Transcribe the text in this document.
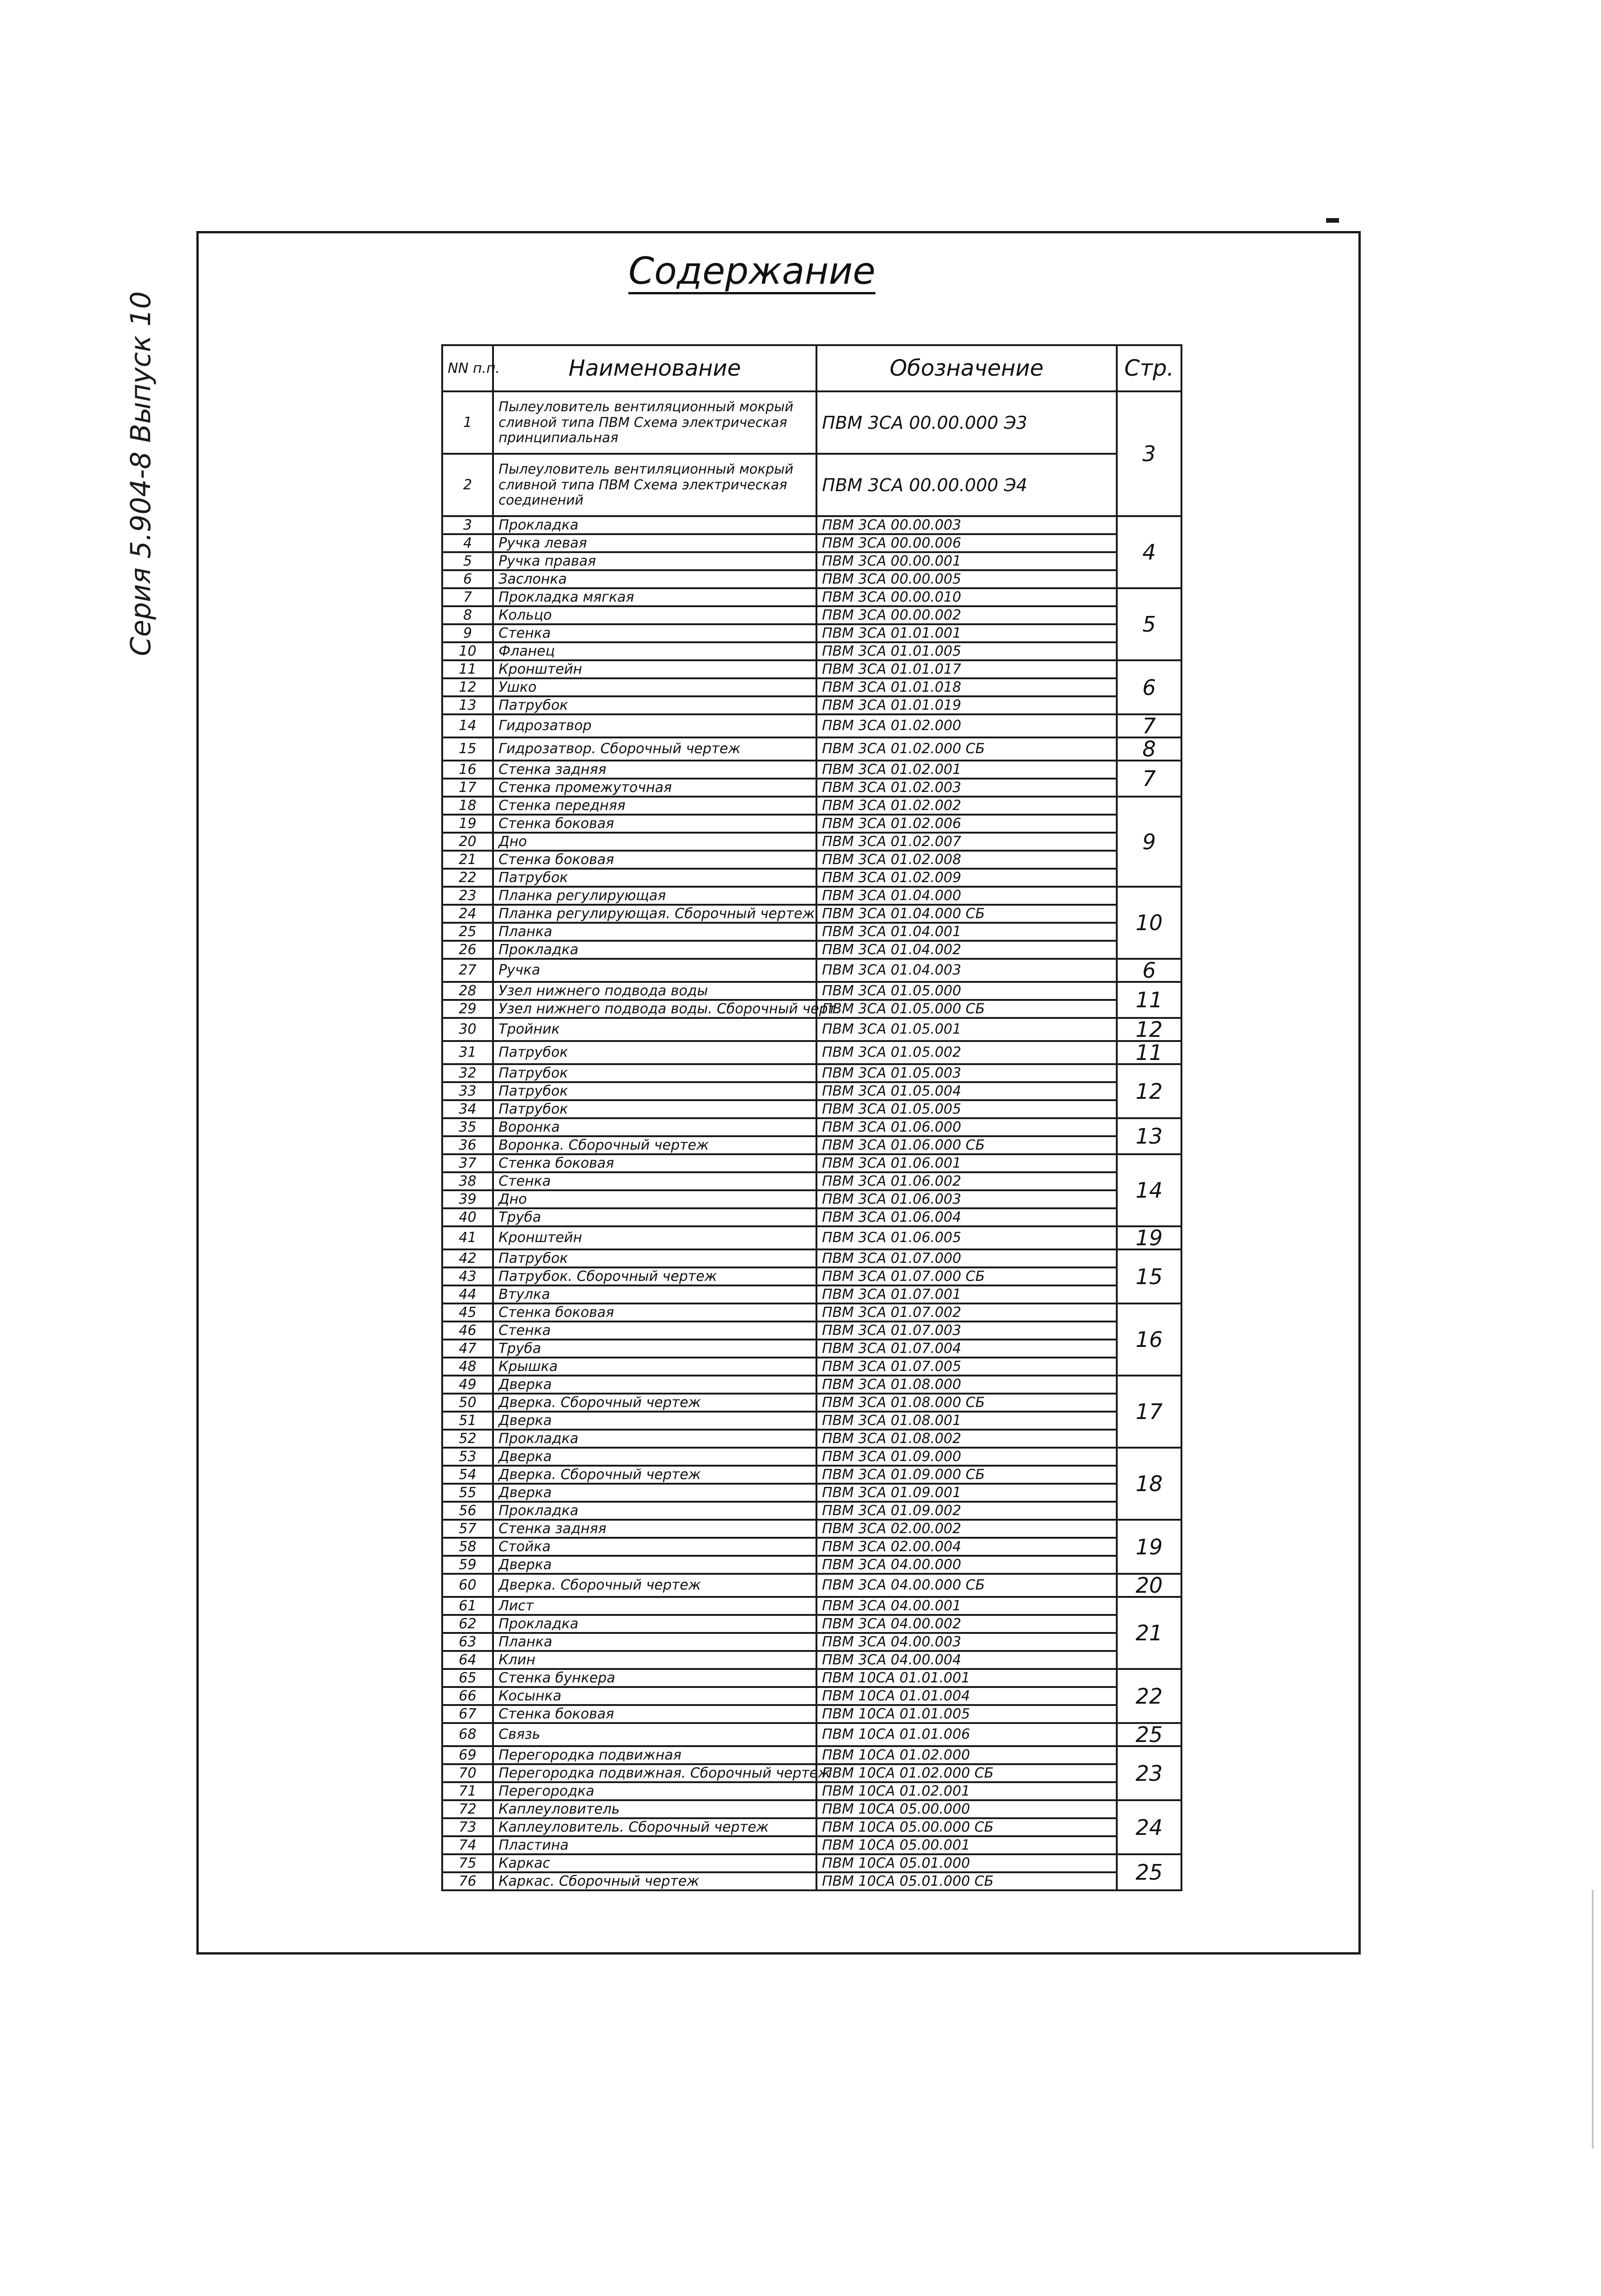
Серия 5.904-8 Выпуск 10
Содержание
NN п.п.	Наименование	Обозначение	Стр.
1	Пылеуловитель вентиляционный мокрый сливной типа ПВМ Схема электрическая принципиальная	ПВМ 3СА 00.00.000 Э3	3
2	Пылеуловитель вентиляционный мокрый сливной типа ПВМ Схема электрическая соединений	ПВМ 3СА 00.00.000 Э4	
3	Прокладка	ПВМ 3СА 00.00.003	4
4	Ручка левая	ПВМ 3СА 00.00.006	
5	Ручка правая	ПВМ 3СА 00.00.001	
6	Заслонка	ПВМ 3СА 00.00.005	
7	Прокладка мягкая	ПВМ 3СА 00.00.010	5
8	Кольцо	ПВМ 3СА 00.00.002	
9	Стенка	ПВМ 3СА 01.01.001	
10	Фланец	ПВМ 3СА 01.01.005	
11	Кронштейн	ПВМ 3СА 01.01.017	6
12	Ушко	ПВМ 3СА 01.01.018	
13	Патрубок	ПВМ 3СА 01.01.019	
14	Гидрозатвор	ПВМ 3СА 01.02.000	7
15	Гидрозатвор. Сборочный чертеж	ПВМ 3СА 01.02.000 СБ	8
16	Стенка задняя	ПВМ 3СА 01.02.001	7
17	Стенка промежуточная	ПВМ 3СА 01.02.003	
18	Стенка передняя	ПВМ 3СА 01.02.002	9
19	Стенка боковая	ПВМ 3СА 01.02.006	
20	Дно	ПВМ 3СА 01.02.007	
21	Стенка боковая	ПВМ 3СА 01.02.008	
22	Патрубок	ПВМ 3СА 01.02.009	
23	Планка регулирующая	ПВМ 3СА 01.04.000	10
24	Планка регулирующая. Сборочный чертеж	ПВМ 3СА 01.04.000 СБ	
25	Планка	ПВМ 3СА 01.04.001	
26	Прокладка	ПВМ 3СА 01.04.002	
27	Ручка	ПВМ 3СА 01.04.003	6
28	Узел нижнего подвода воды	ПВМ 3СА 01.05.000	11
29	Узел нижнего подвода воды. Сборочный черт.	ПВМ 3СА 01.05.000 СБ	
30	Тройник	ПВМ 3СА 01.05.001	12
31	Патрубок	ПВМ 3СА 01.05.002	11
32	Патрубок	ПВМ 3СА 01.05.003	12
33	Патрубок	ПВМ 3СА 01.05.004	
34	Патрубок	ПВМ 3СА 01.05.005	
35	Воронка	ПВМ 3СА 01.06.000	13
36	Воронка. Сборочный чертеж	ПВМ 3СА 01.06.000 СБ	
37	Стенка боковая	ПВМ 3СА 01.06.001	14
38	Стенка	ПВМ 3СА 01.06.002	
39	Дно	ПВМ 3СА 01.06.003	
40	Труба	ПВМ 3СА 01.06.004	
41	Кронштейн	ПВМ 3СА 01.06.005	19
42	Патрубок	ПВМ 3СА 01.07.000	15
43	Патрубок. Сборочный чертеж	ПВМ 3СА 01.07.000 СБ	
44	Втулка	ПВМ 3СА 01.07.001	
45	Стенка боковая	ПВМ 3СА 01.07.002	16
46	Стенка	ПВМ 3СА 01.07.003	
47	Труба	ПВМ 3СА 01.07.004	
48	Крышка	ПВМ 3СА 01.07.005	
49	Дверка	ПВМ 3СА 01.08.000	17
50	Дверка. Сборочный чертеж	ПВМ 3СА 01.08.000 СБ	
51	Дверка	ПВМ 3СА 01.08.001	
52	Прокладка	ПВМ 3СА 01.08.002	
53	Дверка	ПВМ 3СА 01.09.000	18
54	Дверка. Сборочный чертеж	ПВМ 3СА 01.09.000 СБ	
55	Дверка	ПВМ 3СА 01.09.001	
56	Прокладка	ПВМ 3СА 01.09.002	
57	Стенка задняя	ПВМ 3СА 02.00.002	19
58	Стойка	ПВМ 3СА 02.00.004	
59	Дверка	ПВМ 3СА 04.00.000	
60	Дверка. Сборочный чертеж	ПВМ 3СА 04.00.000 СБ	20
61	Лист	ПВМ 3СА 04.00.001	21
62	Прокладка	ПВМ 3СА 04.00.002	
63	Планка	ПВМ 3СА 04.00.003	
64	Клин	ПВМ 3СА 04.00.004	
65	Стенка бункера	ПВМ 10СА 01.01.001	22
66	Косынка	ПВМ 10СА 01.01.004	
67	Стенка боковая	ПВМ 10СА 01.01.005	
68	Связь	ПВМ 10СА 01.01.006	25
69	Перегородка подвижная	ПВМ 10СА 01.02.000	23
70	Перегородка подвижная. Сборочный чертеж	ПВМ 10СА 01.02.000 СБ	
71	Перегородка	ПВМ 10СА 01.02.001	
72	Каплеуловитель	ПВМ 10СА 05.00.000	24
73	Каплеуловитель. Сборочный чертеж	ПВМ 10СА 05.00.000 СБ	
74	Пластина	ПВМ 10СА 05.00.001	
75	Каркас	ПВМ 10СА 05.01.000	25
76	Каркас. Сборочный чертеж	ПВМ 10СА 05.01.000 СБ	
